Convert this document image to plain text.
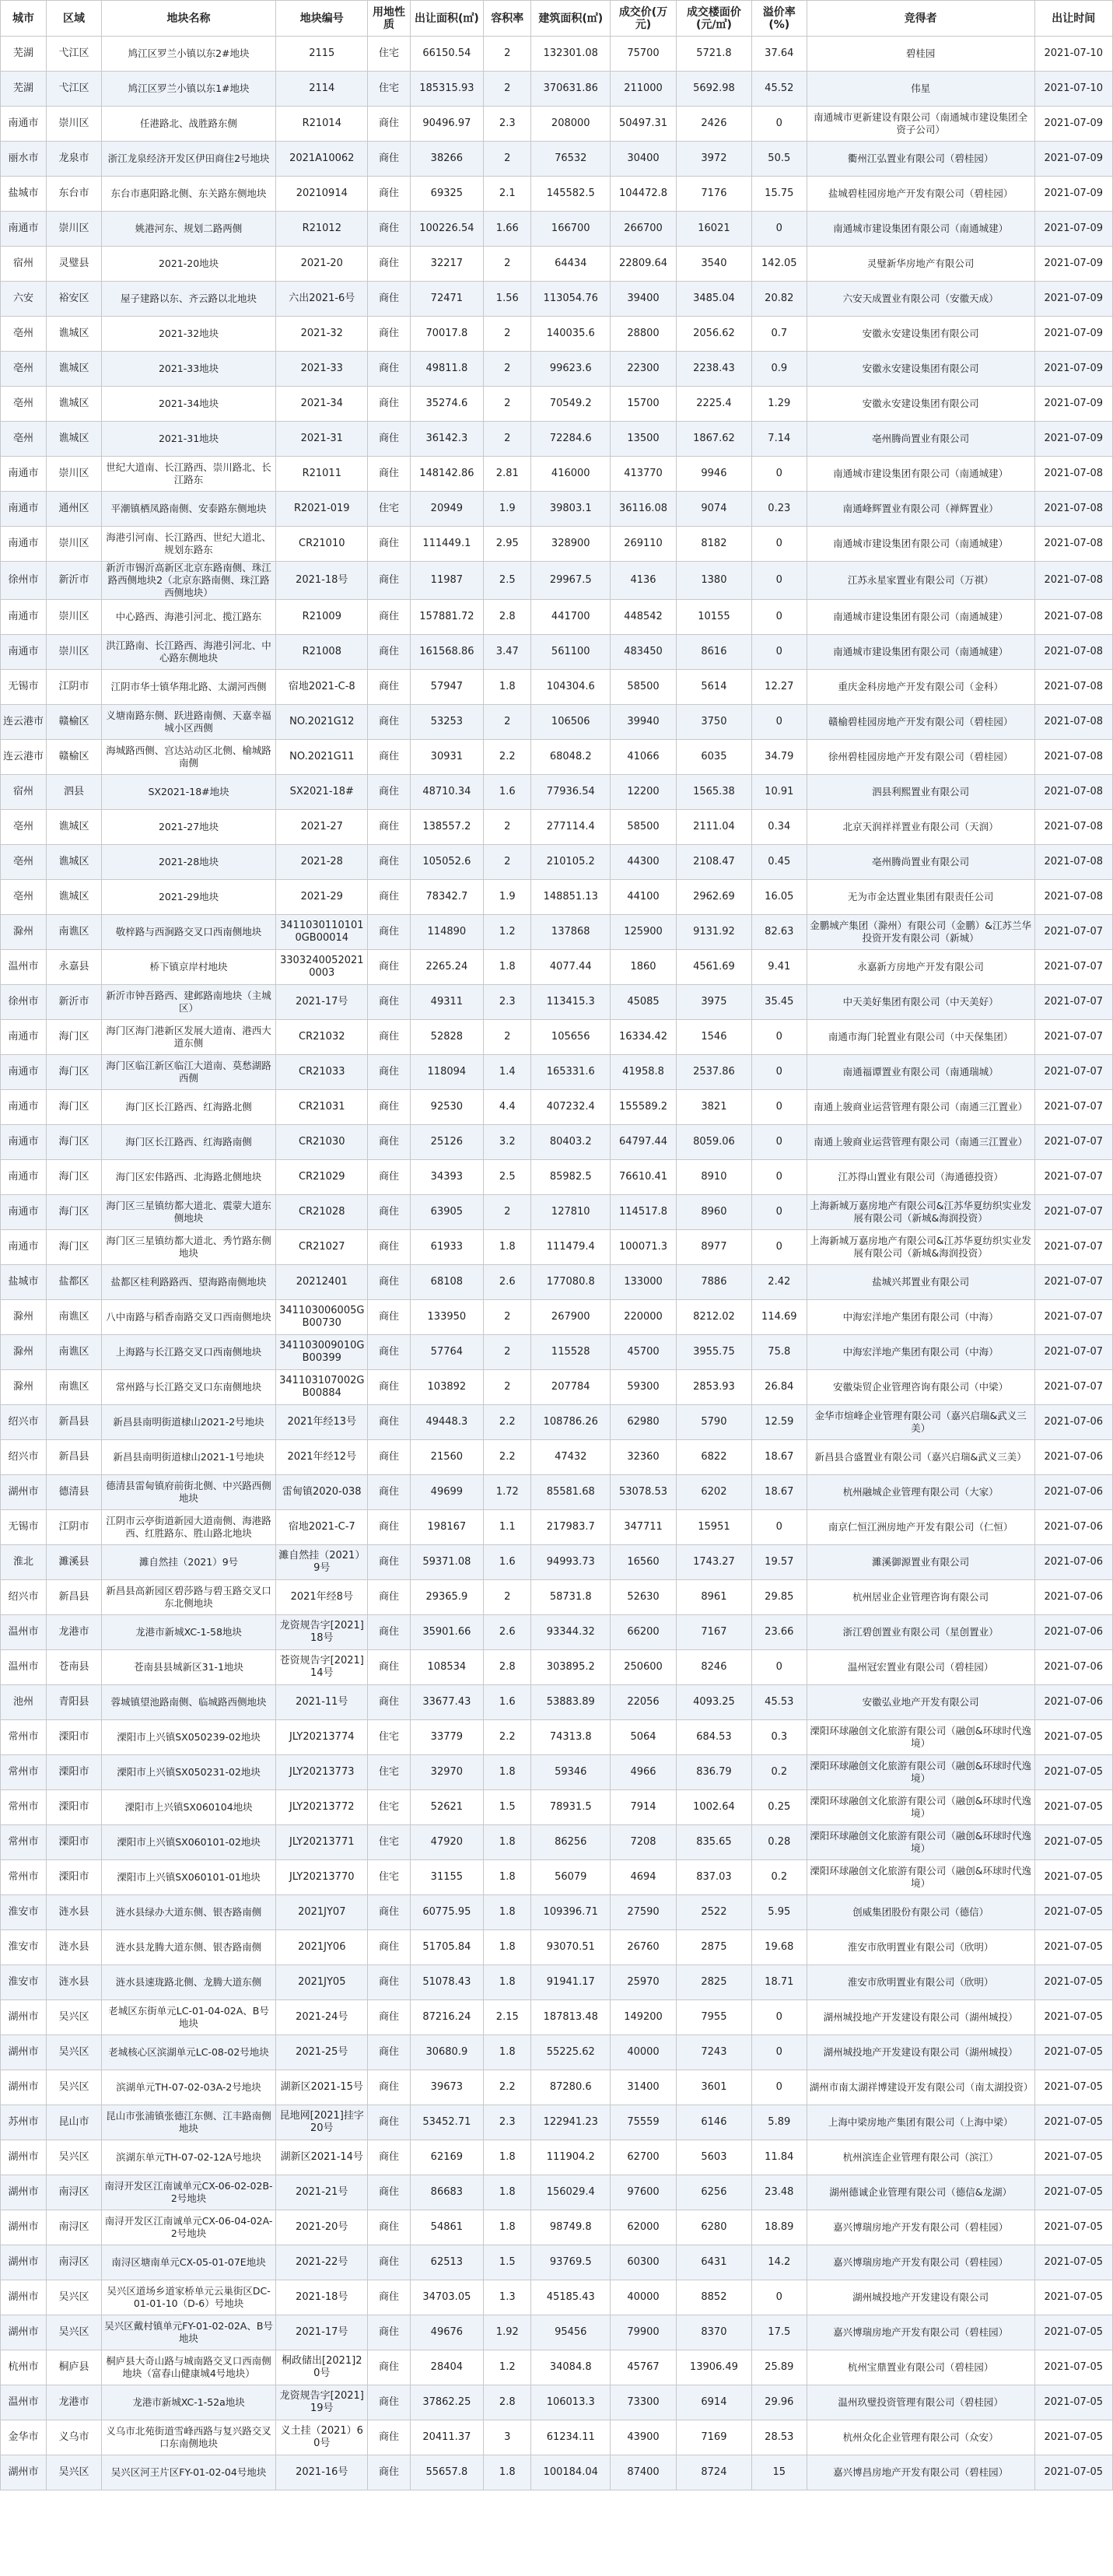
城市	区域	地块名称	地块编号	用地性质	出让面积(㎡)	容积率	建筑面积(㎡)	成交价(万元)	成交楼面价(元/㎡)	溢价率(%)	竞得者	出让时间
芜湖	弋江区	鸠江区罗兰小镇以东2#地块	2115	住宅	66150.54	2	132301.08	75700	5721.8	37.64	碧桂园	2021-07-10
芜湖	弋江区	鸠江区罗兰小镇以东1#地块	2114	住宅	185315.93	2	370631.86	211000	5692.98	45.52	伟星	2021-07-10
南通市	崇川区	任港路北、战胜路东侧	R21014	商住	90496.97	2.3	208000	50497.31	2426	0	南通城市更新建设有限公司（南通城市建设集团全资子公司）	2021-07-09
丽水市	龙泉市	浙江龙泉经济开发区伊田商住2号地块	2021A10062	商住	38266	2	76532	30400	3972	50.5	衢州江弘置业有限公司（碧桂园）	2021-07-09
盐城市	东台市	东台市惠阳路北侧、东关路东侧地块	20210914	商住	69325	2.1	145582.5	104472.8	7176	15.75	盐城碧桂园房地产开发有限公司（碧桂园）	2021-07-09
南通市	崇川区	姚港河东、规划二路两侧	R21012	商住	100226.54	1.66	166700	266700	16021	0	南通城市建设集团有限公司（南通城建）	2021-07-09
宿州	灵璧县	2021-20地块	2021-20	商住	32217	2	64434	22809.64	3540	142.05	灵璧新华房地产有限公司	2021-07-09
六安	裕安区	屋子建路以东、齐云路以北地块	六出2021-6号	商住	72471	1.56	113054.76	39400	3485.04	20.82	六安天成置业有限公司（安徽天成）	2021-07-09
亳州	谯城区	2021-32地块	2021-32	商住	70017.8	2	140035.6	28800	2056.62	0.7	安徽永安建设集团有限公司	2021-07-09
亳州	谯城区	2021-33地块	2021-33	商住	49811.8	2	99623.6	22300	2238.43	0.9	安徽永安建设集团有限公司	2021-07-09
亳州	谯城区	2021-34地块	2021-34	商住	35274.6	2	70549.2	15700	2225.4	1.29	安徽永安建设集团有限公司	2021-07-09
亳州	谯城区	2021-31地块	2021-31	商住	36142.3	2	72284.6	13500	1867.62	7.14	亳州腾尚置业有限公司	2021-07-09
南通市	崇川区	世纪大道南、长江路西、崇川路北、长江路东	R21011	商住	148142.86	2.81	416000	413770	9946	0	南通城市建设集团有限公司（南通城建）	2021-07-08
南通市	通州区	平潮镇栖凤路南侧、安泰路东侧地块	R2021-019	住宅	20949	1.9	39803.1	36116.08	9074	0.23	南通峰辉置业有限公司（禅辉置业）	2021-07-08
南通市	崇川区	海港引河南、长江路西、世纪大道北、规划东路东	CR21010	商住	111449.1	2.95	328900	269110	8182	0	南通城市建设集团有限公司（南通城建）	2021-07-08
徐州市	新沂市	新沂市锡沂高新区北京东路南侧、珠江路西侧地块2（北京东路南侧、珠江路西侧地块）	2021-18号	商住	11987	2.5	29967.5	4136	1380	0	江苏永星家置业有限公司（万祺）	2021-07-08
南通市	崇川区	中心路西、海港引河北、揽江路东	R21009	商住	157881.72	2.8	441700	448542	10155	0	南通城市建设集团有限公司（南通城建）	2021-07-08
南通市	崇川区	洪江路南、长江路西、海港引河北、中心路东侧地块	R21008	商住	161568.86	3.47	561100	483450	8616	0	南通城市建设集团有限公司（南通城建）	2021-07-08
无锡市	江阴市	江阴市华士镇华翔北路、太湖河西侧	宿地2021-C-8	商住	57947	1.8	104304.6	58500	5614	12.27	重庆金科房地产开发有限公司（金科）	2021-07-08
连云港市	赣榆区	义塘南路东侧、跃进路南侧、天嘉幸福城小区西侧	NO.2021G12	商住	53253	2	106506	39940	3750	0	赣榆碧桂园房地产开发有限公司（碧桂园）	2021-07-08
连云港市	赣榆区	海城路西侧、宫达站动区北侧、榆城路南侧	NO.2021G11	商住	30931	2.2	68048.2	41066	6035	34.79	徐州碧桂园房地产开发有限公司（碧桂园）	2021-07-08
宿州	泗县	SX2021-18#地块	SX2021-18#	商住	48710.34	1.6	77936.54	12200	1565.38	10.91	泗县利熙置业有限公司	2021-07-08
亳州	谯城区	2021-27地块	2021-27	商住	138557.2	2	277114.4	58500	2111.04	0.34	北京天润祥祥置业有限公司（天润）	2021-07-08
亳州	谯城区	2021-28地块	2021-28	商住	105052.6	2	210105.2	44300	2108.47	0.45	亳州腾尚置业有限公司	2021-07-08
亳州	谯城区	2021-29地块	2021-29	商住	78342.7	1.9	148851.13	44100	2962.69	16.05	无为市金达置业集团有限责任公司	2021-07-08
滁州	南谯区	敬梓路与西涧路交叉口西南侧地块	34110301101010GB00014	商住	114890	1.2	137868	125900	9131.92	82.63	金鹏城产集团（滁州）有限公司（金鹏）&江苏兰华投资开发有限公司（新城）	2021-07-07
温州市	永嘉县	桥下镇京岸村地块	33032400520210003	商住	2265.24	1.8	4077.44	1860	4561.69	9.41	永嘉新方房地产开发有限公司	2021-07-07
徐州市	新沂市	新沂市钟吾路西、建邺路南地块（主城区）	2021-17号	商住	49311	2.3	113415.3	45085	3975	35.45	中天美好集团有限公司（中天美好）	2021-07-07
南通市	海门区	海门区海门港新区发展大道南、港西大道东侧	CR21032	商住	52828	2	105656	16334.42	1546	0	南通市海门轮置业有限公司（中天保集团）	2021-07-07
南通市	海门区	海门区临江新区临江大道南、莫愁湖路西侧	CR21033	商住	118094	1.4	165331.6	41958.8	2537.86	0	南通福谭置业有限公司（南通瑞城）	2021-07-07
南通市	海门区	海门区长江路西、红海路北侧	CR21031	商住	92530	4.4	407232.4	155589.2	3821	0	南通上骏商业运营管理有限公司（南通三江置业）	2021-07-07
南通市	海门区	海门区长江路西、红海路南侧	CR21030	商住	25126	3.2	80403.2	64797.44	8059.06	0	南通上骏商业运营管理有限公司（南通三江置业）	2021-07-07
南通市	海门区	海门区宏伟路西、北海路北侧地块	CR21029	商住	34393	2.5	85982.5	76610.41	8910	0	江苏得山置业有限公司（海通德投资）	2021-07-07
南通市	海门区	海门区三星镇纺都大道北、震蒙大道东侧地块	CR21028	商住	63905	2	127810	114517.8	8960	0	上海新城万嘉房地产有限公司&江苏华夏纺织实业发展有限公司（新城&海润投资）	2021-07-07
南通市	海门区	海门区三星镇纺都大道北、秀竹路东侧地块	CR21027	商住	61933	1.8	111479.4	100071.3	8977	0	上海新城万嘉房地产有限公司&江苏华夏纺织实业发展有限公司（新城&海润投资）	2021-07-07
盐城市	盐都区	盐都区桂利路路西、望海路南侧地块	20212401	商住	68108	2.6	177080.8	133000	7886	2.42	盐城兴邦置业有限公司	2021-07-07
滁州	南谯区	八中南路与稻香南路交叉口西南侧地块	341103006005GB00730	商住	133950	2	267900	220000	8212.02	114.69	中海宏洋地产集团有限公司（中海）	2021-07-07
滁州	南谯区	上海路与长江路交叉口西南侧地块	341103009010GB00399	商住	57764	2	115528	45700	3955.75	75.8	中海宏洋地产集团有限公司（中海）	2021-07-07
滁州	南谯区	常州路与长江路交叉口东南侧地块	341103107002GB00884	商住	103892	2	207784	59300	2853.93	26.84	安徽柒贸企业管理咨询有限公司（中梁）	2021-07-07
绍兴市	新昌县	新昌县南明街道棣山2021-2号地块	2021年经13号	商住	49448.3	2.2	108786.26	62980	5790	12.59	金华市煊峰企业管理有限公司（嘉兴启瑞&武义三美）	2021-07-06
绍兴市	新昌县	新昌县南明街道棣山2021-1号地块	2021年经12号	商住	21560	2.2	47432	32360	6822	18.67	新昌县合盛置业有限公司（嘉兴启瑞&武义三美）	2021-07-06
湖州市	德清县	德清县雷甸镇府前街北侧、中兴路西侧地块	雷甸镇2020-038	商住	49699	1.72	85581.68	53078.53	6202	18.67	杭州融城企业管理有限公司（大家）	2021-07-06
无锡市	江阴市	江阴市云亭街道新园大道南侧、海港路西、红胜路东、胜山路北地块	宿地2021-C-7	商住	198167	1.1	217983.7	347711	15951	0	南京仁恒江洲房地产开发有限公司（仁恒）	2021-07-06
淮北	濉溪县	濉自然挂（2021）9号	濉自然挂（2021）9号	商住	59371.08	1.6	94993.73	16560	1743.27	19.57	濉溪御源置业有限公司	2021-07-06
绍兴市	新昌县	新昌县高新园区碧莎路与碧玉路交叉口东北侧地块	2021年经8号	商住	29365.9	2	58731.8	52630	8961	29.85	杭州居业企业管理咨询有限公司	2021-07-06
温州市	龙港市	龙港市新城XC-1-58地块	龙资规告字[2021]18号	商住	35901.66	2.6	93344.32	66200	7167	23.66	浙江碧创置业有限公司（星创置业）	2021-07-06
温州市	苍南县	苍南县县城新区31-1地块	苍资规告字[2021]14号	商住	108534	2.8	303895.2	250600	8246	0	温州冠宏置业有限公司（碧桂园）	2021-07-06
池州	青阳县	蓉城镇望池路南侧、临城路西侧地块	2021-11号	商住	33677.43	1.6	53883.89	22056	4093.25	45.53	安徽弘业地产开发有限公司	2021-07-06
常州市	溧阳市	溧阳市上兴镇SX050239-02地块	JLY20213774	住宅	33779	2.2	74313.8	5064	684.53	0.3	溧阳环球融创文化旅游有限公司（融创&环球时代逸境）	2021-07-05
常州市	溧阳市	溧阳市上兴镇SX050231-02地块	JLY20213773	住宅	32970	1.8	59346	4966	836.79	0.2	溧阳环球融创文化旅游有限公司（融创&环球时代逸境）	2021-07-05
常州市	溧阳市	溧阳市上兴镇SX060104地块	JLY20213772	住宅	52621	1.5	78931.5	7914	1002.64	0.25	溧阳环球融创文化旅游有限公司（融创&环球时代逸境）	2021-07-05
常州市	溧阳市	溧阳市上兴镇SX060101-02地块	JLY20213771	住宅	47920	1.8	86256	7208	835.65	0.28	溧阳环球融创文化旅游有限公司（融创&环球时代逸境）	2021-07-05
常州市	溧阳市	溧阳市上兴镇SX060101-01地块	JLY20213770	住宅	31155	1.8	56079	4694	837.03	0.2	溧阳环球融创文化旅游有限公司（融创&环球时代逸境）	2021-07-05
淮安市	涟水县	涟水县绿办大道东侧、银杏路南侧	2021JY07	商住	60775.95	1.8	109396.71	27590	2522	5.95	创威集团股份有限公司（德信）	2021-07-05
淮安市	涟水县	涟水县龙腾大道东侧、银杏路南侧	2021JY06	商住	51705.84	1.8	93070.51	26760	2875	19.68	淮安市欣明置业有限公司（欣明）	2021-07-05
淮安市	涟水县	涟水县速珑路北侧、龙腾大道东侧	2021JY05	商住	51078.43	1.8	91941.17	25970	2825	18.71	淮安市欣明置业有限公司（欣明）	2021-07-05
湖州市	吴兴区	老城区东街单元LC-01-04-02A、B号地块	2021-24号	商住	87216.24	2.15	187813.48	149200	7955	0	湖州城投地产开发建设有限公司（湖州城投）	2021-07-05
湖州市	吴兴区	老城核心区滨湖单元LC-08-02号地块	2021-25号	商住	30680.9	1.8	55225.62	40000	7243	0	湖州城投地产开发建设有限公司（湖州城投）	2021-07-05
湖州市	吴兴区	滨湖单元TH-07-02-03A-2号地块	湖新区2021-15号	商住	39673	2.2	87280.6	31400	3601	0	湖州市南太湖祥博建设开发有限公司（南太湖投资）	2021-07-05
苏州市	昆山市	昆山市张浦镇张德江东侧、江丰路南侧地块	昆地网[2021]挂字20号	商住	53452.71	2.3	122941.23	75559	6146	5.89	上海中梁房地产集团有限公司（上海中梁）	2021-07-05
湖州市	吴兴区	滨湖东单元TH-07-02-12A号地块	湖新区2021-14号	商住	62169	1.8	111904.2	62700	5603	11.84	杭州滨连企业管理有限公司（滨江）	2021-07-05
湖州市	南浔区	南浔开发区江南诚单元CX-06-02-02B-2号地块	2021-21号	商住	86683	1.8	156029.4	97600	6256	23.48	湖州德诚企业管理有限公司（德信&龙湖）	2021-07-05
湖州市	南浔区	南浔开发区江南诚单元CX-06-04-02A-2号地块	2021-20号	商住	54861	1.8	98749.8	62000	6280	18.89	嘉兴博瑞房地产开发有限公司（碧桂园）	2021-07-05
湖州市	南浔区	南浔区塘南单元CX-05-01-07E地块	2021-22号	商住	62513	1.5	93769.5	60300	6431	14.2	嘉兴博瑞房地产开发有限公司（碧桂园）	2021-07-05
湖州市	吴兴区	吴兴区道场乡道家桥单元云巢街区DC-01-01-10（D-6）号地块	2021-18号	商住	34703.05	1.3	45185.43	40000	8852	0	湖州城投地产开发建设有限公司	2021-07-05
湖州市	吴兴区	吴兴区戴村镇单元FY-01-02-02A、B号地块	2021-17号	商住	49676	1.92	95456	79900	8370	17.5	嘉兴博瑞房地产开发有限公司（碧桂园）	2021-07-05
杭州市	桐庐县	桐庐县大奇山路与城南路交叉口西南侧地块（富春山健康城4号地块）	桐政储出[2021]20号	商住	28404	1.2	34084.8	45767	13906.49	25.89	杭州宝鼎置业有限公司（碧桂园）	2021-07-05
温州市	龙港市	龙港市新城XC-1-52a地块	龙资规告字[2021]19号	商住	37862.25	2.8	106013.3	73300	6914	29.96	温州玖璧投资管理有限公司（碧桂园）	2021-07-05
金华市	义乌市	义乌市北苑街道雪峰西路与复兴路交叉口东南侧地块	义土挂（2021）60号	商住	20411.37	3	61234.11	43900	7169	28.53	杭州众化企业管理有限公司（众安）	2021-07-05
湖州市	吴兴区	吴兴区河王片区FY-01-02-04号地块	2021-16号	商住	55657.8	1.8	100184.04	87400	8724	15	嘉兴博昌房地产开发有限公司（碧桂园）	2021-07-05
